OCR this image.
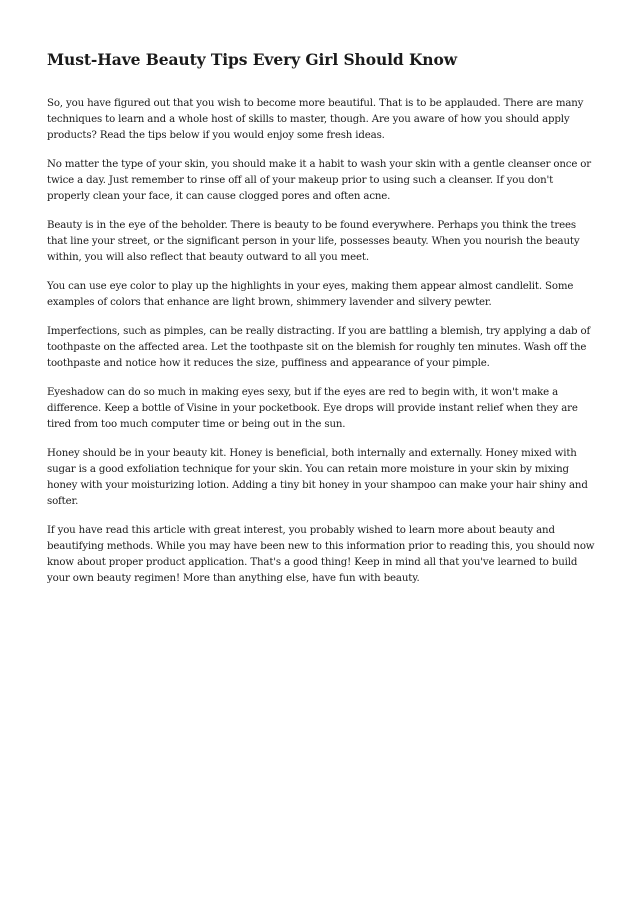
Must-Have Beauty Tips Every Girl Should Know

So, you have figured out that you wish to become more beautiful. That is to be applauded. There are many techniques to learn and a whole host of skills to master, though. Are you aware of how you should apply products? Read the tips below if you would enjoy some fresh ideas.

No matter the type of your skin, you should make it a habit to wash your skin with a gentle cleanser once or twice a day. Just remember to rinse off all of your makeup prior to using such a cleanser. If you don't properly clean your face, it can cause clogged pores and often acne.

Beauty is in the eye of the beholder. There is beauty to be found everywhere. Perhaps you think the trees that line your street, or the significant person in your life, possesses beauty. When you nourish the beauty within, you will also reflect that beauty outward to all you meet.

You can use eye color to play up the highlights in your eyes, making them appear almost candlelit. Some examples of colors that enhance are light brown, shimmery lavender and silvery pewter.

Imperfections, such as pimples, can be really distracting. If you are battling a blemish, try applying a dab of toothpaste on the affected area. Let the toothpaste sit on the blemish for roughly ten minutes. Wash off the toothpaste and notice how it reduces the size, puffiness and appearance of your pimple.

Eyeshadow can do so much in making eyes sexy, but if the eyes are red to begin with, it won't make a difference. Keep a bottle of Visine in your pocketbook. Eye drops will provide instant relief when they are tired from too much computer time or being out in the sun.

Honey should be in your beauty kit. Honey is beneficial, both internally and externally. Honey mixed with sugar is a good exfoliation technique for your skin. You can retain more moisture in your skin by mixing honey with your moisturizing lotion. Adding a tiny bit honey in your shampoo can make your hair shiny and softer.

If you have read this article with great interest, you probably wished to learn more about beauty and beautifying methods. While you may have been new to this information prior to reading this, you should now know about proper product application. That's a good thing! Keep in mind all that you've learned to build your own beauty regimen! More than anything else, have fun with beauty.
